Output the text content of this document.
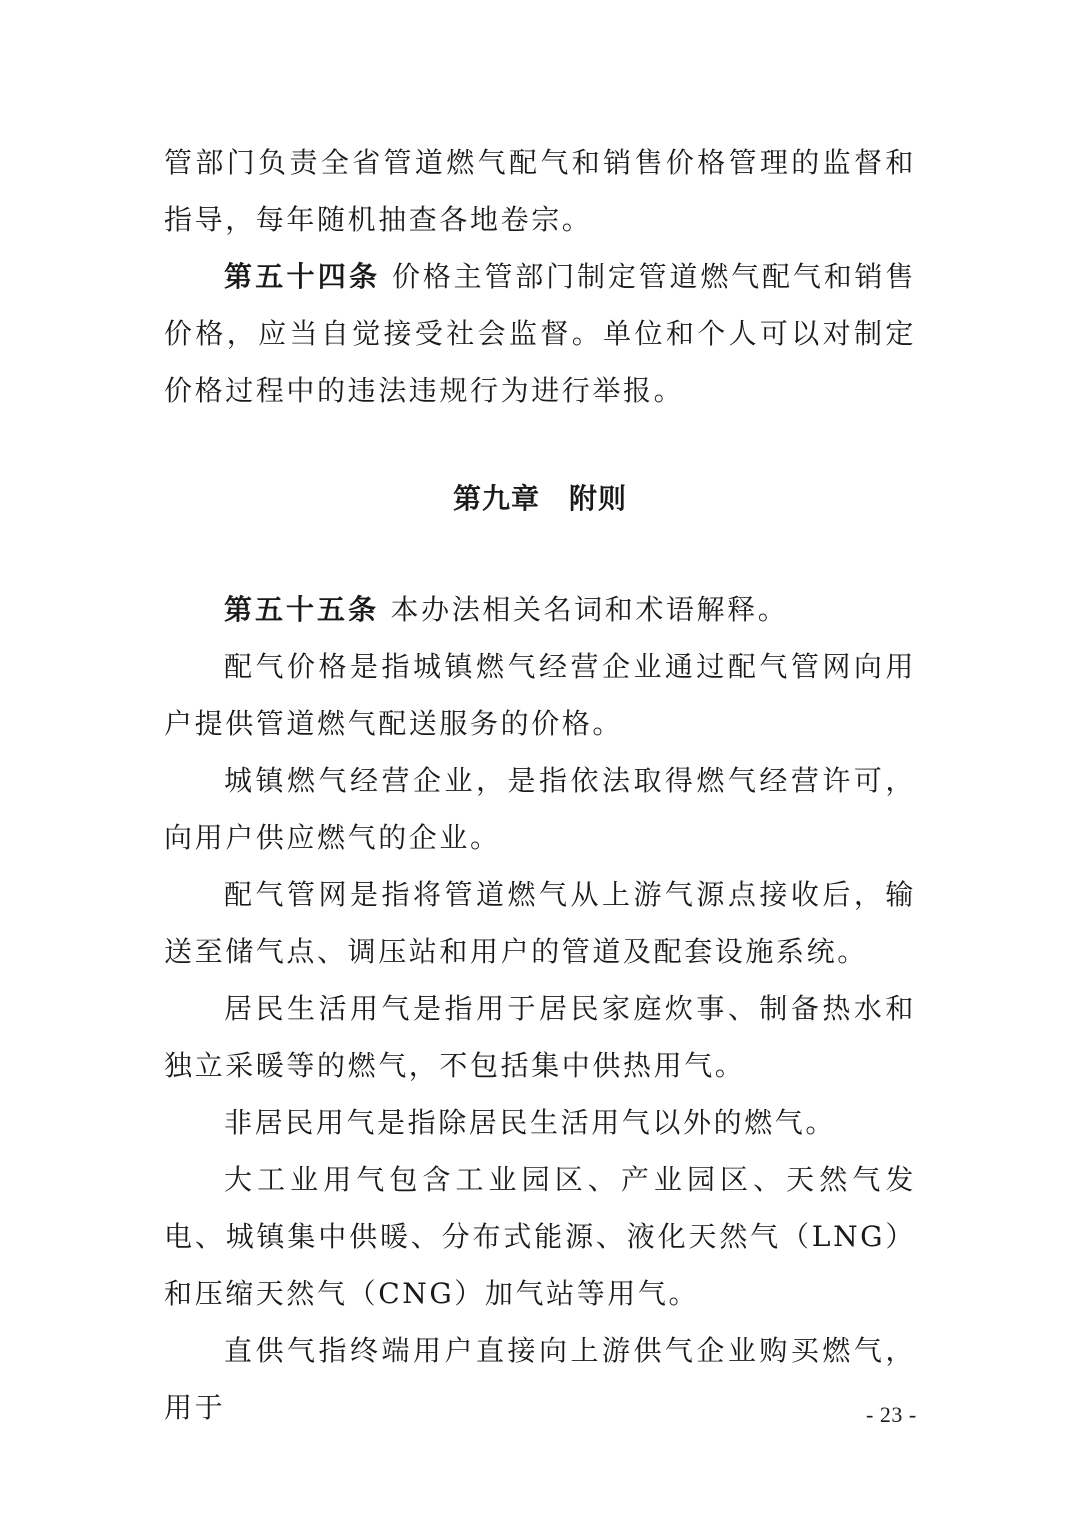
管部门负责全省管道燃气配气和销售价格管理的监督和指导，每年随机抽查各地卷宗。

第五十四条 价格主管部门制定管道燃气配气和销售价格，应当自觉接受社会监督。单位和个人可以对制定价格过程中的违法违规行为进行举报。

第九章　附则

第五十五条 本办法相关名词和术语解释。

配气价格是指城镇燃气经营企业通过配气管网向用户提供管道燃气配送服务的价格。

城镇燃气经营企业，是指依法取得燃气经营许可，向用户供应燃气的企业。

配气管网是指将管道燃气从上游气源点接收后，输送至储气点、调压站和用户的管道及配套设施系统。

居民生活用气是指用于居民家庭炊事、制备热水和独立采暖等的燃气，不包括集中供热用气。

非居民用气是指除居民生活用气以外的燃气。

大工业用气包含工业园区、产业园区、天然气发电、城镇集中供暖、分布式能源、液化天然气（LNG）和压缩天然气（CNG）加气站等用气。

直供气指终端用户直接向上游供气企业购买燃气，用于	- 23 -
